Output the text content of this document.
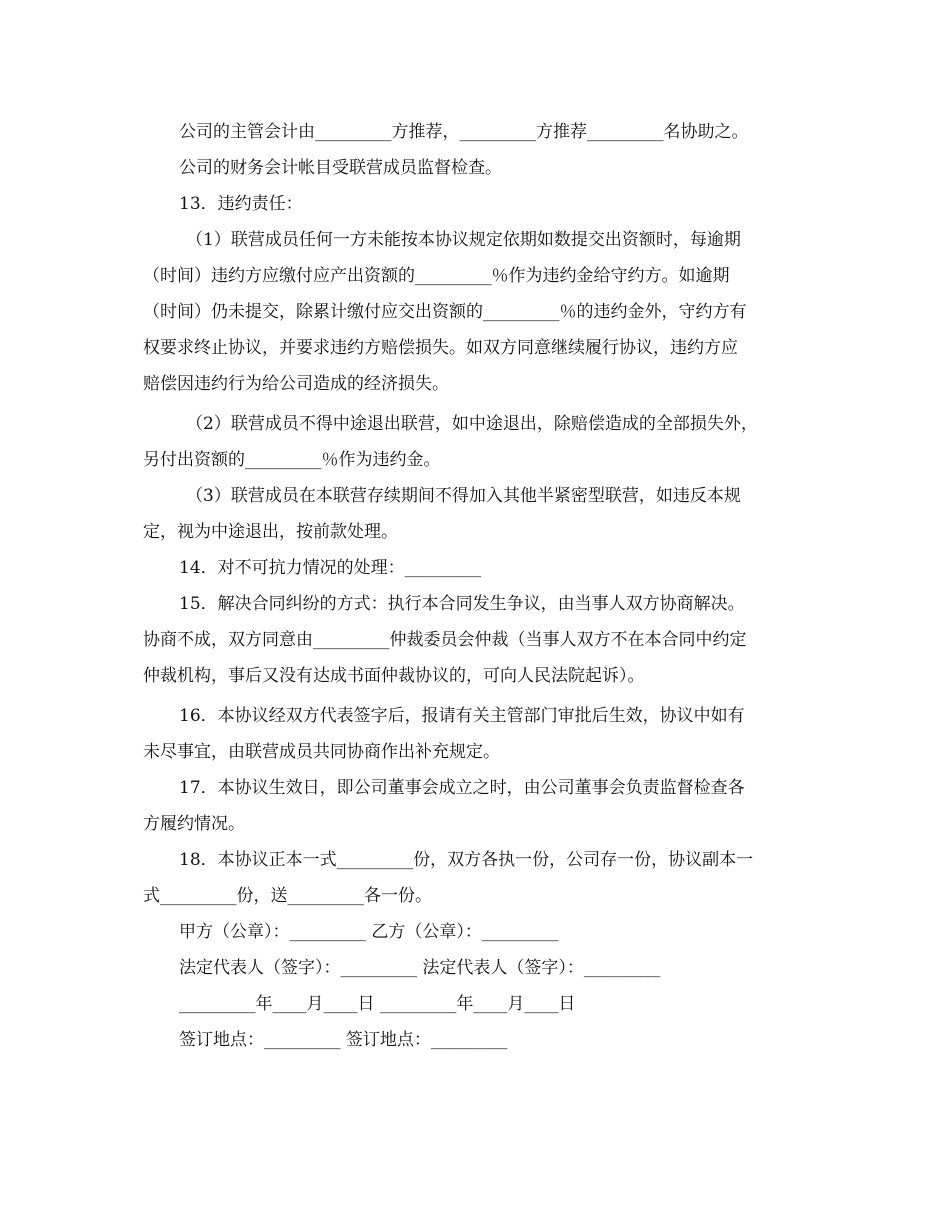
公司的主管会计由_________方推荐，_________方推荐_________名协助之。
公司的财务会计帐目受联营成员监督检查。
13．违约责任：
（1）联营成员任何一方未能按本协议规定依期如数提交出资额时，每逾期
（时间）违约方应缴付应产出资额的_________％作为违约金给守约方。如逾期
（时间）仍未提交，除累计缴付应交出资额的_________％的违约金外，守约方有
权要求终止协议，并要求违约方赔偿损失。如双方同意继续履行协议，违约方应
赔偿因违约行为给公司造成的经济损失。
（2）联营成员不得中途退出联营，如中途退出，除赔偿造成的全部损失外，
另付出资额的_________％作为违约金。
（3）联营成员在本联营存续期间不得加入其他半紧密型联营，如违反本规
定，视为中途退出，按前款处理。
14．对不可抗力情况的处理：_________
15．解决合同纠纷的方式：执行本合同发生争议，由当事人双方协商解决。
协商不成，双方同意由_________仲裁委员会仲裁（当事人双方不在本合同中约定
仲裁机构，事后又没有达成书面仲裁协议的，可向人民法院起诉）。
16．本协议经双方代表签字后，报请有关主管部门审批后生效，协议中如有
未尽事宜，由联营成员共同协商作出补充规定。
17．本协议生效日，即公司董事会成立之时，由公司董事会负责监督检查各
方履约情况。
18．本协议正本一式_________份，双方各执一份，公司存一份，协议副本一
式_________份，送_________各一份。
甲方（公章）：_________ 乙方（公章）：_________
法定代表人（签字）：_________ 法定代表人（签字）：_________
_________年____月____日 _________年____月____日
签订地点：_________ 签订地点：_________
